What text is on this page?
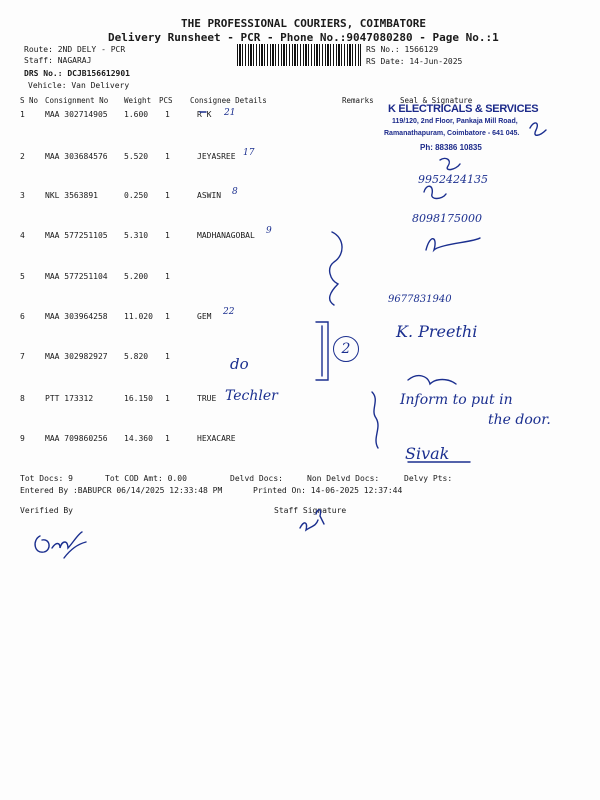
THE PROFESSIONAL COURIERS, COIMBATORE
Delivery Runsheet - PCR - Phone No.:9047080280 - Page No.:1
Route: 2ND DELY - PCR
Staff: NAGARAJ
DRS No.: DCJB156612901
Vehicle: Van Delivery
RS No.: 1566129
RS Date: 14-Jun-2025
S No Consignment No Weight PCS Consignee Details	Remarks	Seal & Signature
1	MAA 302714905 1.600 1	R K
2	MAA 303684576 5.520 1	JEYASREE
3	NKL 3563891	0.250 1	ASWIN
4	MAA 577251105 5.310 1	MADHANAGOBAL
5	MAA 577251104 5.200 1
6	MAA 303964258 11.020 1	GEM
7	MAA 302982927 5.820 1
8	PTT 173312	16.150 1	TRUE
9	MAA 709860256 14.360 1	HEXACARE
K ELECTRICALS & SERVICES
119/120, 2nd Floor, Pankaja Mill Road,
Ramanathapuram, Coimbatore - 641 045.
Ph: 88386 10835
21
17
8
9
22
9952424135
8098175000
9677831940
K. Preethi
do
Techler	Inform to put in
the door.
Sivak
2
Tot Docs: 9	Tot COD Amt: 0.00	Delvd Docs:	Non Delvd Docs:	Delvy Pts:
Entered By :BABUPCR 06/14/2025 12:33:48 PM	Printed On: 14-06-2025 12:37:44
Verified By	Staff Signature
